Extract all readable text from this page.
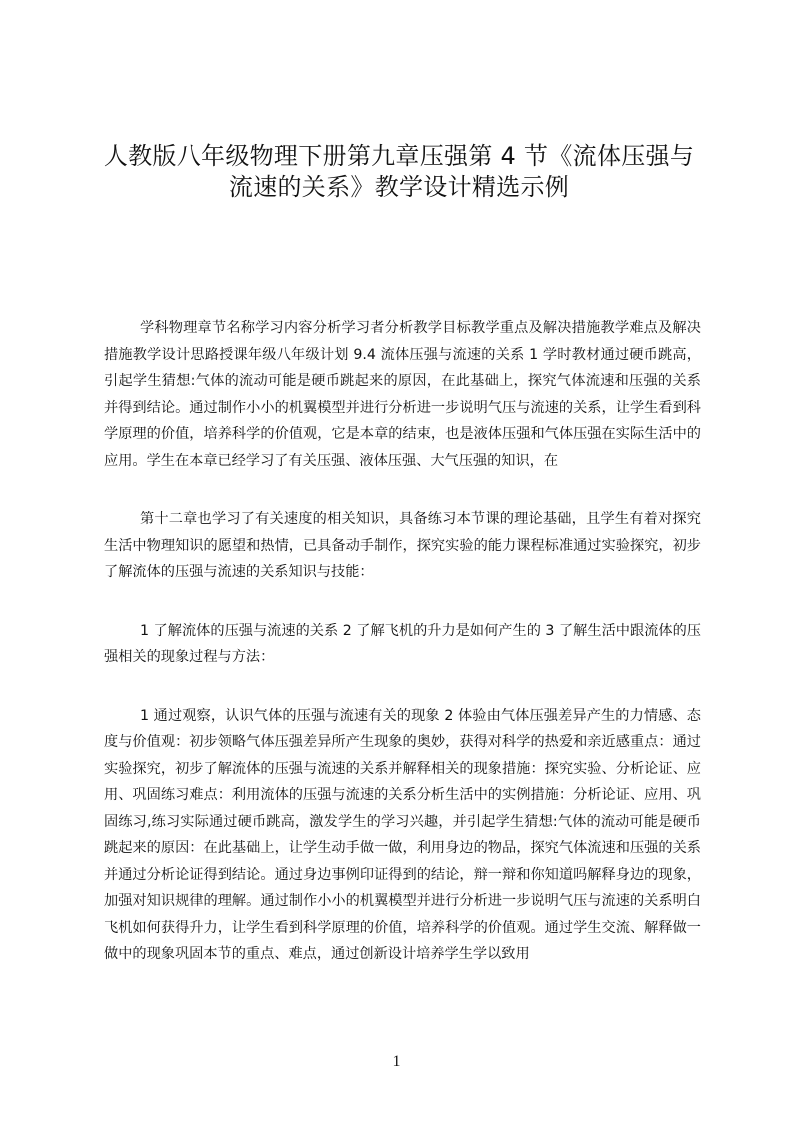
人教版八年级物理下册第九章压强第 4 节《流体压强与流速的关系》教学设计精选示例

学科物理章节名称学习内容分析学习者分析教学目标教学重点及解决措施教学难点及解决措施教学设计思路授课年级八年级计划 9.4 流体压强与流速的关系 1 学时教材通过硬币跳高，引起学生猜想:气体的流动可能是硬币跳起来的原因，在此基础上，探究气体流速和压强的关系并得到结论。通过制作小小的机翼模型并进行分析进一步说明气压与流速的关系，让学生看到科学原理的价值，培养科学的价值观，它是本章的结束，也是液体压强和气体压强在实际生活中的应用。学生在本章已经学习了有关压强、液体压强、大气压强的知识，在

第十二章也学习了有关速度的相关知识，具备练习本节课的理论基础，且学生有着对探究生活中物理知识的愿望和热情，已具备动手制作，探究实验的能力课程标准通过实验探究，初步了解流体的压强与流速的关系知识与技能：

1 了解流体的压强与流速的关系 2 了解飞机的升力是如何产生的 3 了解生活中跟流体的压强相关的现象过程与方法：

1 通过观察，认识气体的压强与流速有关的现象 2 体验由气体压强差异产生的力情感、态度与价值观：初步领略气体压强差异所产生现象的奥妙，获得对科学的热爱和亲近感重点：通过实验探究，初步了解流体的压强与流速的关系并解释相关的现象措施：探究实验、分析论证、应用、巩固练习难点：利用流体的压强与流速的关系分析生活中的实例措施：分析论证、应用、巩固练习,练习实际通过硬币跳高，激发学生的学习兴趣，并引起学生猜想:气体的流动可能是硬币跳起来的原因：在此基础上，让学生动手做一做，利用身边的物品，探究气体流速和压强的关系并通过分析论证得到结论。通过身边事例印证得到的结论，辩一辩和你知道吗解释身边的现象，加强对知识规律的理解。通过制作小小的机翼模型并进行分析进一步说明气压与流速的关系明白飞机如何获得升力，让学生看到科学原理的价值，培养科学的价值观。通过学生交流、解释做一做中的现象巩固本节的重点、难点，通过创新设计培养学生学以致用

1
